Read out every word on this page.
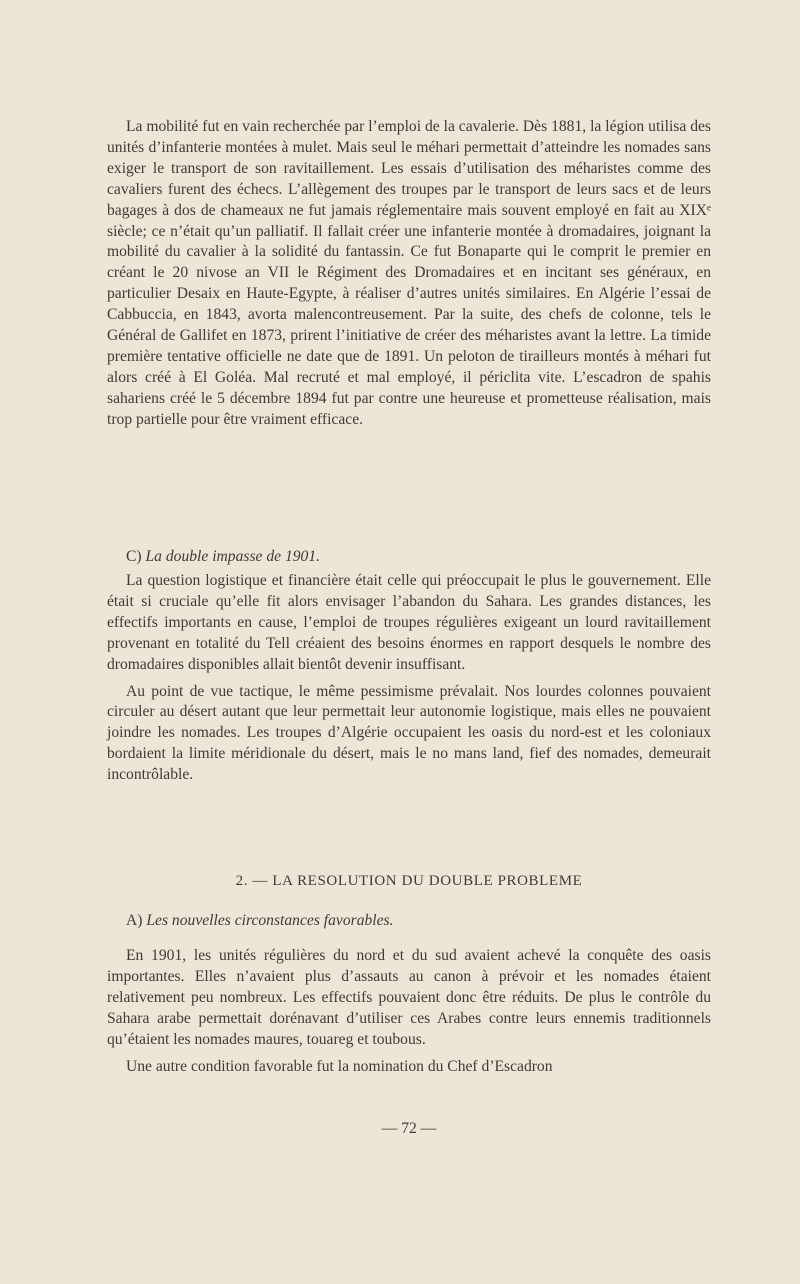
La mobilité fut en vain recherchée par l’emploi de la cavalerie. Dès 1881, la légion utilisa des unités d’infanterie montées à mulet. Mais seul le méhari permettait d’atteindre les nomades sans exiger le transport de son ravitaillement. Les essais d’utilisation des méharistes comme des cavaliers furent des échecs. L’allègement des troupes par le transport de leurs sacs et de leurs bagages à dos de chameaux ne fut jamais réglementaire mais souvent employé en fait au XIXᵉ siècle; ce n’était qu’un palliatif. Il fallait créer une infanterie montée à dromadaires, joignant la mobilité du cavalier à la solidité du fantassin. Ce fut Bonaparte qui le comprit le premier en créant le 20 nivose an VII le Régiment des Dromadaires et en incitant ses généraux, en particulier Desaix en Haute-Egypte, à réaliser d’autres unités similaires. En Algérie l’essai de Cabbuccia, en 1843, avorta malencontreusement. Par la suite, des chefs de colonne, tels le Général de Gallifet en 1873, prirent l’initiative de créer des méharistes avant la lettre. La timide première tentative officielle ne date que de 1891. Un peloton de tirailleurs montés à méhari fut alors créé à El Goléa. Mal recruté et mal employé, il périclita vite. L’escadron de spahis sahariens créé le 5 décembre 1894 fut par contre une heureuse et prometteuse réalisation, mais trop partielle pour être vraiment efficace.

C) La double impasse de 1901.

La question logistique et financière était celle qui préoccupait le plus le gouvernement. Elle était si cruciale qu’elle fit alors envisager l’abandon du Sahara. Les grandes distances, les effectifs importants en cause, l’emploi de troupes régulières exigeant un lourd ravitaillement provenant en totalité du Tell créaient des besoins énormes en rapport desquels le nombre des dromadaires disponibles allait bientôt devenir insuffisant.

Au point de vue tactique, le même pessimisme prévalait. Nos lourdes colonnes pouvaient circuler au désert autant que leur permettait leur autonomie logistique, mais elles ne pouvaient joindre les nomades. Les troupes d’Algérie occupaient les oasis du nord-est et les coloniaux bordaient la limite méridionale du désert, mais le no mans land, fief des nomades, demeurait incontrôlable.

2. — LA RESOLUTION DU DOUBLE PROBLEME

A) Les nouvelles circonstances favorables.

En 1901, les unités régulières du nord et du sud avaient achevé la conquête des oasis importantes. Elles n’avaient plus d’assauts au canon à prévoir et les nomades étaient relativement peu nombreux. Les effectifs pouvaient donc être réduits. De plus le contrôle du Sahara arabe permettait dorénavant d’utiliser ces Arabes contre leurs ennemis traditionnels qu’étaient les nomades maures, touareg et toubous.

Une autre condition favorable fut la nomination du Chef d’Escadron

— 72 —
